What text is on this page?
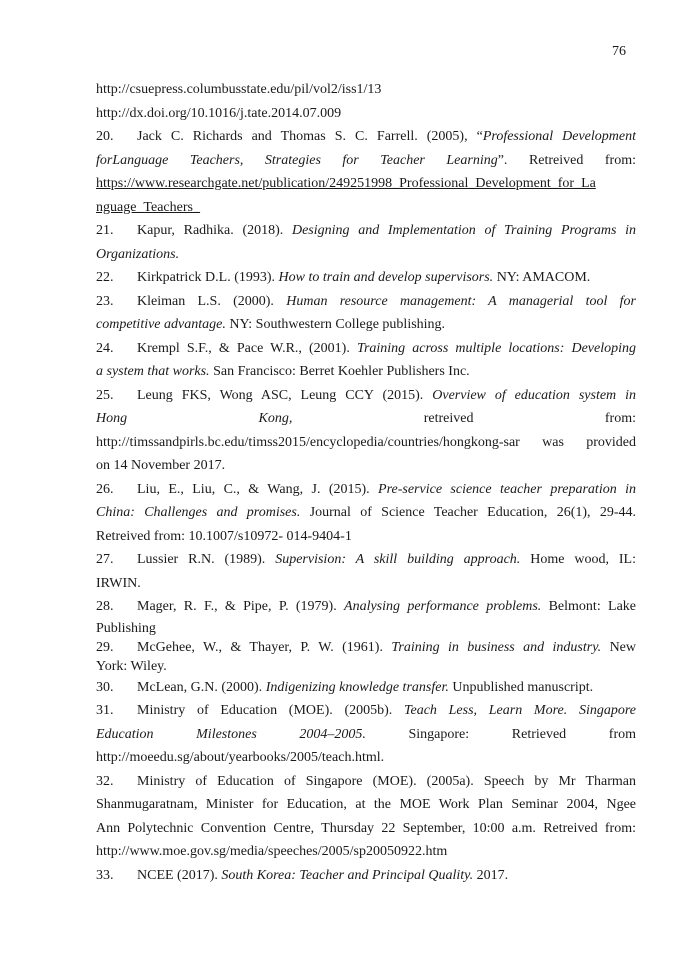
76
http://csuepress.columbusstate.edu/pil/vol2/iss1/13
http://dx.doi.org/10.1016/j.tate.2014.07.009
20. Jack C. Richards and Thomas S. C. Farrell. (2005), “Professional Development
forLanguage Teachers, Strategies for Teacher Learning”. Retreived from:
https://www.researchgate.net/publication/249251998_Professional_Development_for_La
nguage_Teachers_
21. Kapur, Radhika. (2018). Designing and Implementation of Training Programs in
Organizations.
22. Kirkpatrick D.L. (1993). How to train and develop supervisors. NY: AMACOM.
23. Kleiman L.S. (2000). Human resource management: A managerial tool for
competitive advantage. NY: Southwestern College publishing.
24. Krempl S.F., & Pace W.R., (2001). Training across multiple locations: Developing
a system that works. San Francisco: Berret Koehler Publishers Inc.
25. Leung FKS, Wong ASC, Leung CCY (2015). Overview of education system in
Hong Kong, retreived from:
http://timssandpirls.bc.edu/timss2015/encyclopedia/countries/hongkong-sar was provided
on 14 November 2017.
26. Liu, E., Liu, C., & Wang, J. (2015). Pre-service science teacher preparation in
China: Challenges and promises. Journal of Science Teacher Education, 26(1), 29-44.
Retreived from: 10.1007/s10972- 014-9404-1
27. Lussier R.N. (1989). Supervision: A skill building approach. Home wood, IL:
IRWIN.
28. Mager, R. F., & Pipe, P. (1979). Analysing performance problems. Belmont: Lake
Publishing
29. McGehee, W., & Thayer, P. W. (1961). Training in business and industry. New
York: Wiley.
30. McLean, G.N. (2000). Indigenizing knowledge transfer. Unpublished manuscript.
31. Ministry of Education (MOE). (2005b). Teach Less, Learn More. Singapore
Education Milestones 2004–2005. Singapore: Retrieved from
http://moeedu.sg/about/yearbooks/2005/teach.html.
32. Ministry of Education of Singapore (MOE). (2005a). Speech by Mr Tharman
Shanmugaratnam, Minister for Education, at the MOE Work Plan Seminar 2004, Ngee
Ann Polytechnic Convention Centre, Thursday 22 September, 10:00 a.m. Retreived from:
http://www.moe.gov.sg/media/speeches/2005/sp20050922.htm
33. NCEE (2017). South Korea: Teacher and Principal Quality. 2017.
